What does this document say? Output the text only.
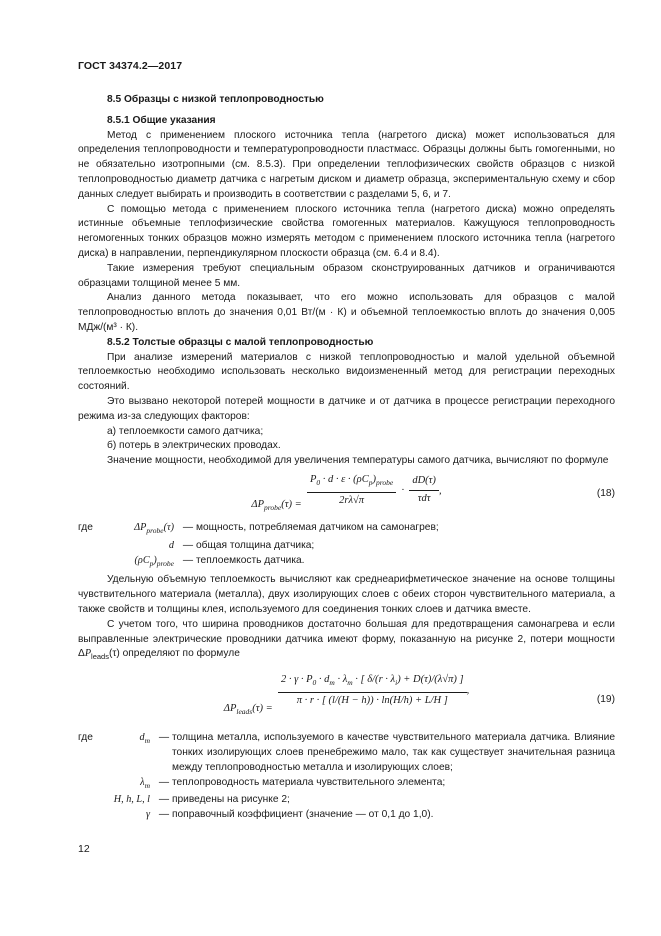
ГОСТ 34374.2—2017

8.5 Образцы с низкой теплопроводностью

8.5.1 Общие указания

Метод с применением плоского источника тепла (нагретого диска) может использоваться для определения теплопроводности и температуропроводности пластмасс. Образцы должны быть гомогенными, но не обязательно изотропными (см. 8.5.3). При определении теплофизических свойств образцов с низкой теплопроводностью диаметр датчика с нагретым диском и диаметр образца, экспериментальную схему и сбор данных следует выбирать и производить в соответствии с разделами 5, 6, и 7.

С помощью метода с применением плоского источника тепла (нагретого диска) можно определять истинные объемные теплофизические свойства гомогенных материалов. Кажущуюся теплопроводность негомогенных тонких образцов можно измерять методом с применением плоского источника тепла (нагретого диска) в направлении, перпендикулярном плоскости образца (см. 6.4 и 8.4).

Такие измерения требуют специальным образом сконструированных датчиков и ограничиваются образцами толщиной менее 5 мм.

Анализ данного метода показывает, что его можно использовать для образцов с малой теплопроводностью вплоть до значения 0,01 Вт/(м · К) и объемной теплоемкостью вплоть до значения 0,005 МДж/(м³ · К).

8.5.2 Толстые образцы с малой теплопроводностью

При анализе измерений материалов с низкой теплопроводностью и малой удельной объемной теплоемкостью необходимо использовать несколько видоизмененный метод для регистрации переходных состояний.

Это вызвано некоторой потерей мощности в датчике и от датчика в процессе регистрации переходного режима из-за следующих факторов:

а) теплоемкости самого датчика;

б) потерь в электрических проводах.

Значение мощности, необходимой для увеличения температуры самого датчика, вычисляют по формуле

$\Delta P_{probe}(\tau) = \frac{P_0 \cdot d \cdot \varepsilon \cdot (\rho C_p)_{probe}}{2r\lambda√\pi} \cdot \frac{dD(\tau)}{\text{τdτ}}$ ,	(18)
где	$\Delta P_{probe}(\tau)$ — мощность, потребляемая датчиком на самонагрев;
d — общая толщина датчика;
$(\rho C_p)_{probe}$ — теплоемкость датчика.

Удельную объемную теплоемкость вычисляют как среднеарифметическое значение на основе толщины чувствительного материала (металла), двух изолирующих слоев с обеих сторон чувствительного материала, а также свойств и толщины клея, используемого для соединения тонких слоев и датчика вместе.

С учетом того, что ширина проводников достаточно большая для предотвращения самонагрева и если выправленные электрические проводники датчика имеют форму, показанную на рисунке 2, потери мощности $\Delta P_{leads}(\tau)$ определяют по формуле

$\Delta P_{leads}(\tau)$ =
$\frac{2 \cdot \gamma \cdot P_0 \cdot d_m \cdot \lambda_m \cdot [ \delta/(r \cdot \lambda_i) + D(\tau)/(\lambda√\pi) ]}{\pi \cdot r \cdot [ (l/(H - h)) \cdot \ln(H/h) + L/H ]}$ ,
(19)
где	$d_m$ — толщина металла, используемого в качестве чувствительного материала датчика. Влияние тонких изолирующих слоев пренебрежимо мало, так как существует значительная разница между теплопроводностью металла и изолирующих слоев;
$\lambda_m$ — теплопроводность материала чувствительного элемента;
H, h, L, l — приведены на рисунке 2;
γ — поправочный коэффициент (значение — от 0,1 до 1,0).
12
